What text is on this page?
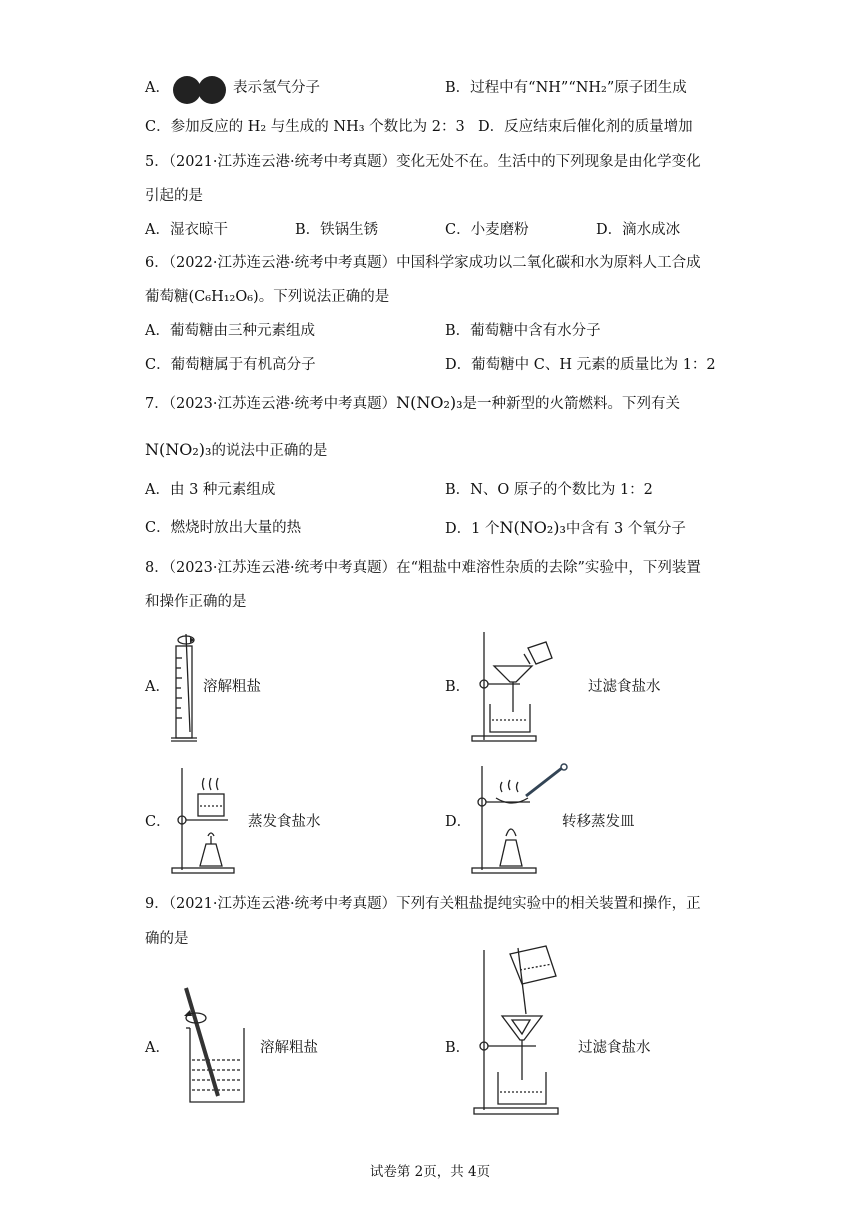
A．	表示氢气分子	B．过程中有“NH”“NH₂”原子团生成
C．参加反应的 H₂ 与生成的 NH₃ 个数比为 2：3 D．反应结束后催化剂的质量增加
5．（2021·江苏连云港·统考中考真题）变化无处不在。生活中的下列现象是由化学变化
引起的是
A．湿衣晾干	B．铁锅生锈	C．小麦磨粉	D．滴水成冰
6．（2022·江苏连云港·统考中考真题）中国科学家成功以二氧化碳和水为原料人工合成
葡萄糖(C₆H₁₂O₆)。下列说法正确的是
A．葡萄糖由三种元素组成	B．葡萄糖中含有水分子
C．葡萄糖属于有机高分子	D．葡萄糖中 C、H 元素的质量比为 1：2
7．（2023·江苏连云港·统考中考真题）N(NO₂)₃是一种新型的火箭燃料。下列有关
N(NO₂)₃的说法中正确的是
A．由 3 种元素组成	B．N、O 原子的个数比为 1：2
C．燃烧时放出大量的热	D．1 个N(NO₂)₃中含有 3 个氧分子
8．（2023·江苏连云港·统考中考真题）在“粗盐中难溶性杂质的去除”实验中，下列装置
和操作正确的是
A． 溶解粗盐	B．	过滤食盐水
C．	蒸发食盐水	D．	转移蒸发皿
9．（2021·江苏连云港·统考中考真题）下列有关粗盐提纯实验中的相关装置和操作，正
确的是
A．	溶解粗盐	B．	过滤食盐水
试卷第 2页，共 4页
